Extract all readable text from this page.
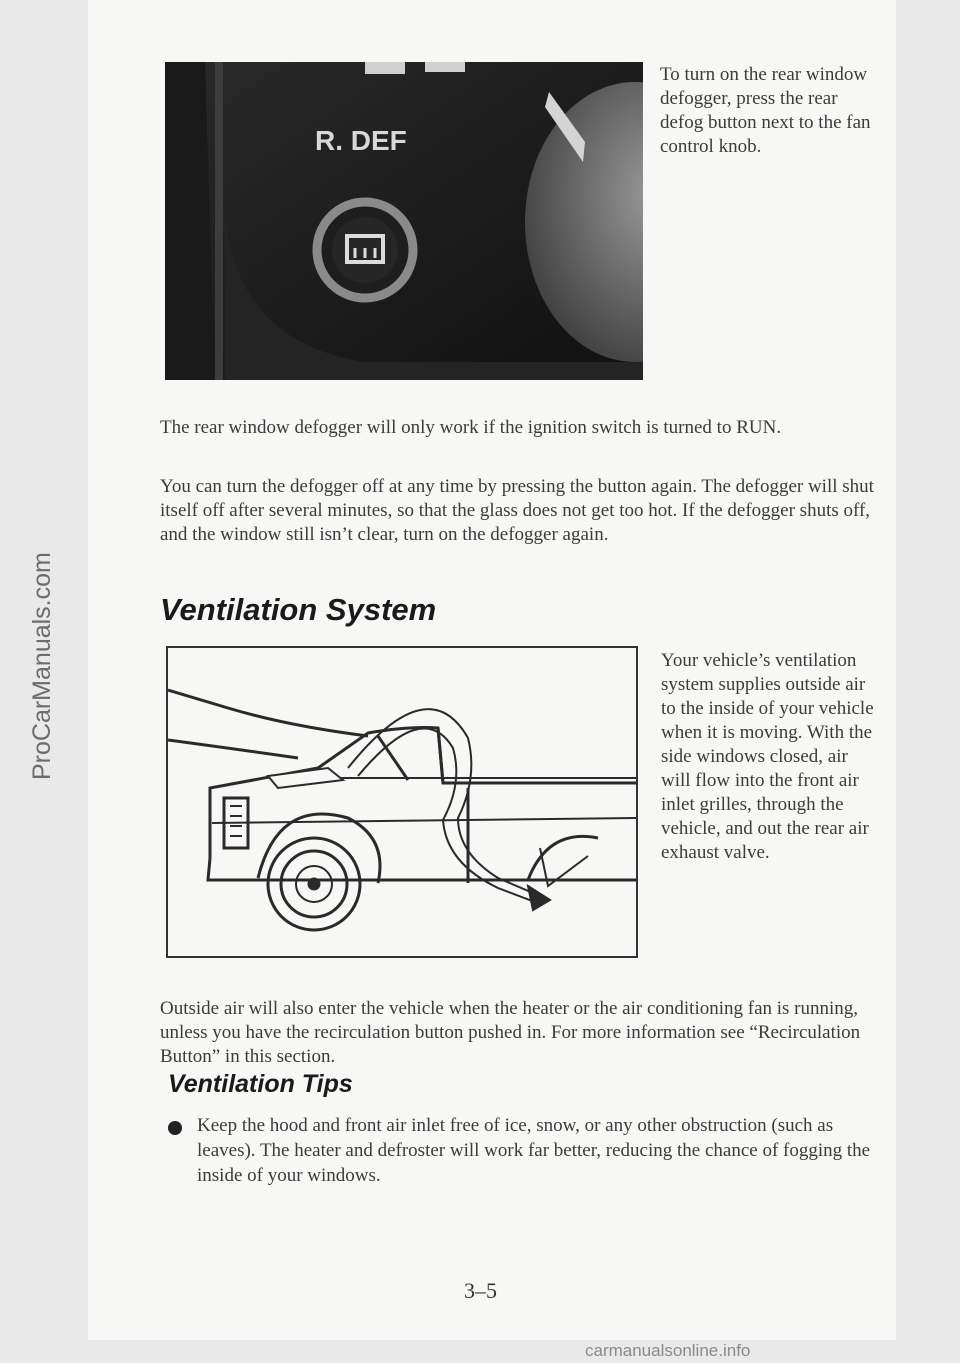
ProCarManuals.com
R. DEF
To turn on the rear window defogger, press the rear defog button next to the fan control knob.
The rear window defogger will only work if the ignition switch is turned to RUN.
You can turn the defogger off at any time by pressing the button again. The defogger will shut itself off after several minutes, so that the glass does not get too hot. If the defogger shuts off, and the window still isn’t clear, turn on the defogger again.
Ventilation System
Your vehicle’s ventilation system supplies outside air to the inside of your vehicle when it is moving. With the side windows closed, air will flow into the front air inlet grilles, through the vehicle, and out the rear air exhaust valve.
Outside air will also enter the vehicle when the heater or the air conditioning fan is running, unless you have the recirculation button pushed in. For more information see “Recirculation Button” in this section.
Ventilation Tips
Keep the hood and front air inlet free of ice, snow, or any other obstruction (such as leaves). The heater and defroster will work far better, reducing the chance of fogging the inside of your windows.
3–5
carmanualsonline.info
